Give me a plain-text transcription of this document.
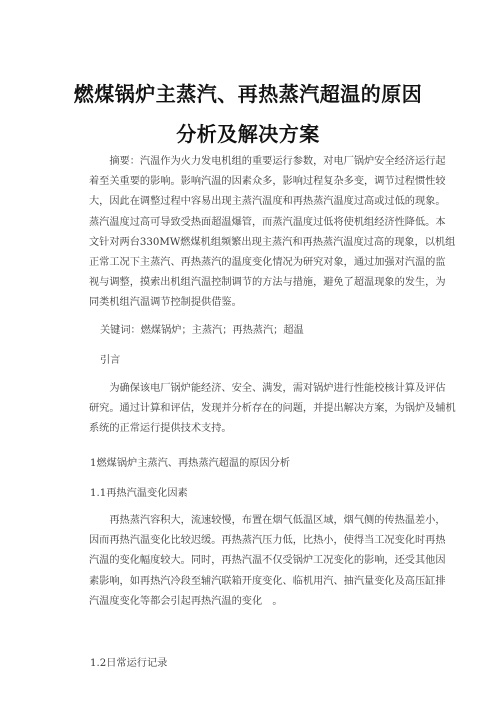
燃煤锅炉主蒸汽、再热蒸汽超温的原因
分析及解决方案
　　摘要：汽温作为火力发电机组的重要运行参数，对电厂锅炉安全经济运行起
着至关重要的影响。影响汽温的因素众多，影响过程复杂多变，调节过程惯性较
大，因此在调整过程中容易出现主蒸汽温度和再热蒸汽温度过高或过低的现象。
蒸汽温度过高可导致受热面超温爆管，而蒸汽温度过低将使机组经济性降低。本
文针对两台330MW燃煤机组频繁出现主蒸汽和再热蒸汽温度过高的现象，以机组
正常工况下主蒸汽、再热蒸汽的温度变化情况为研究对象，通过加强对汽温的监
视与调整，摸索出机组汽温控制调节的方法与措施，避免了超温现象的发生，为
同类机组汽温调节控制提供借鉴。
关键词：燃煤锅炉；主蒸汽；再热蒸汽；超温
引言
　　为确保该电厂锅炉能经济、安全、满发，需对锅炉进行性能校核计算及评估
研究。通过计算和评估，发现并分析存在的问题，并提出解决方案，为锅炉及辅机
系统的正常运行提供技术支持。
1燃煤锅炉主蒸汽、再热蒸汽超温的原因分析
1.1再热汽温变化因素
　　再热蒸汽容积大，流速较慢，布置在烟气低温区域，烟气侧的传热温差小，
因而再热汽温变化比较迟缓。再热蒸汽压力低，比热小，使得当工况变化时再热
汽温的变化幅度较大。同时，再热汽温不仅受锅炉工况变化的影响，还受其他因
素影响，如再热汽冷段至辅汽联箱开度变化、临机用汽、抽汽量变化及高压缸排
汽温度变化等都会引起再热汽温的变化　。
1.2日常运行记录
